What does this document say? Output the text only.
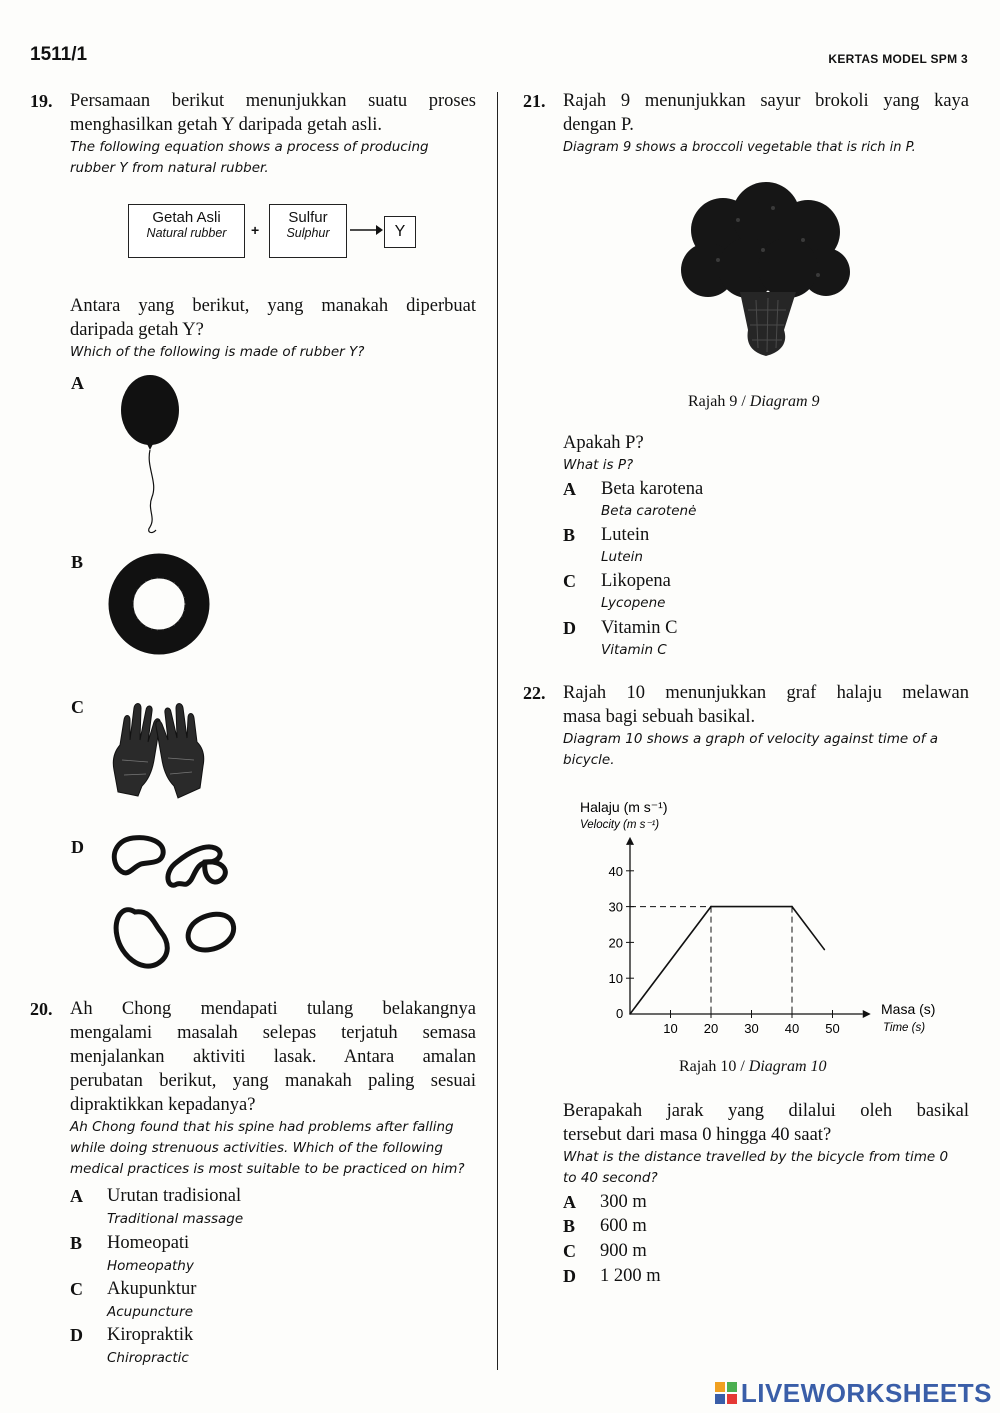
1511/1	KERTAS MODEL SPM 3
19. Persamaan berikut menunjukkan suatu proses
menghasilkan getah Y daripada getah asli.
The following equation shows a process of producing
rubber Y from natural rubber.
Getah Asli
Natural rubber	+
Sulfur
Sulphur	Y
Antara yang berikut, yang manakah diperbuat
daripada getah Y?
Which of the following is made of rubber Y?
A
B
C
D
20. Ah Chong mendapati tulang belakangnya
mengalami masalah selepas terjatuh semasa
menjalankan aktiviti lasak. Antara amalan
perubatan berikut, yang manakah paling sesuai
dipraktikkan kepadanya?
Ah Chong found that his spine had problems after falling
while doing strenuous activities. Which of the following
medical practices is most suitable to be practiced on him?
A Urutan tradisional
Traditional massage
B Homeopati
Homeopathy
C Akupunktur
Acupuncture
D Kiropraktik
Chiropractic
21. Rajah 9 menunjukkan sayur brokoli yang kaya
dengan P.
Diagram 9 shows a broccoli vegetable that is rich in P.
Rajah 9 / Diagram 9
Apakah P?
What is P?
A Beta karotena
Beta carotenė
B Lutein
Lutein
C Likopena
Lycopene
D Vitamin C
Vitamin C
22. Rajah 10 menunjukkan graf halaju melawan
masa bagi sebuah basikal.
Diagram 10 shows a graph of velocity against time of a
bicycle.
Halaju (m s⁻¹)
Velocity (m s⁻¹)
Masa (s)
Time (s)
0
10 20 30 40 50
10
20
30
40
Rajah 10 / Diagram 10
Berapakah jarak yang dilalui oleh basikal
tersebut dari masa 0 hingga 40 saat?
What is the distance travelled by the bicycle from time 0
to 40 second?
A 300 m
B 600 m
C 900 m
D 1 200 m
LIVEWORKSHEETS
